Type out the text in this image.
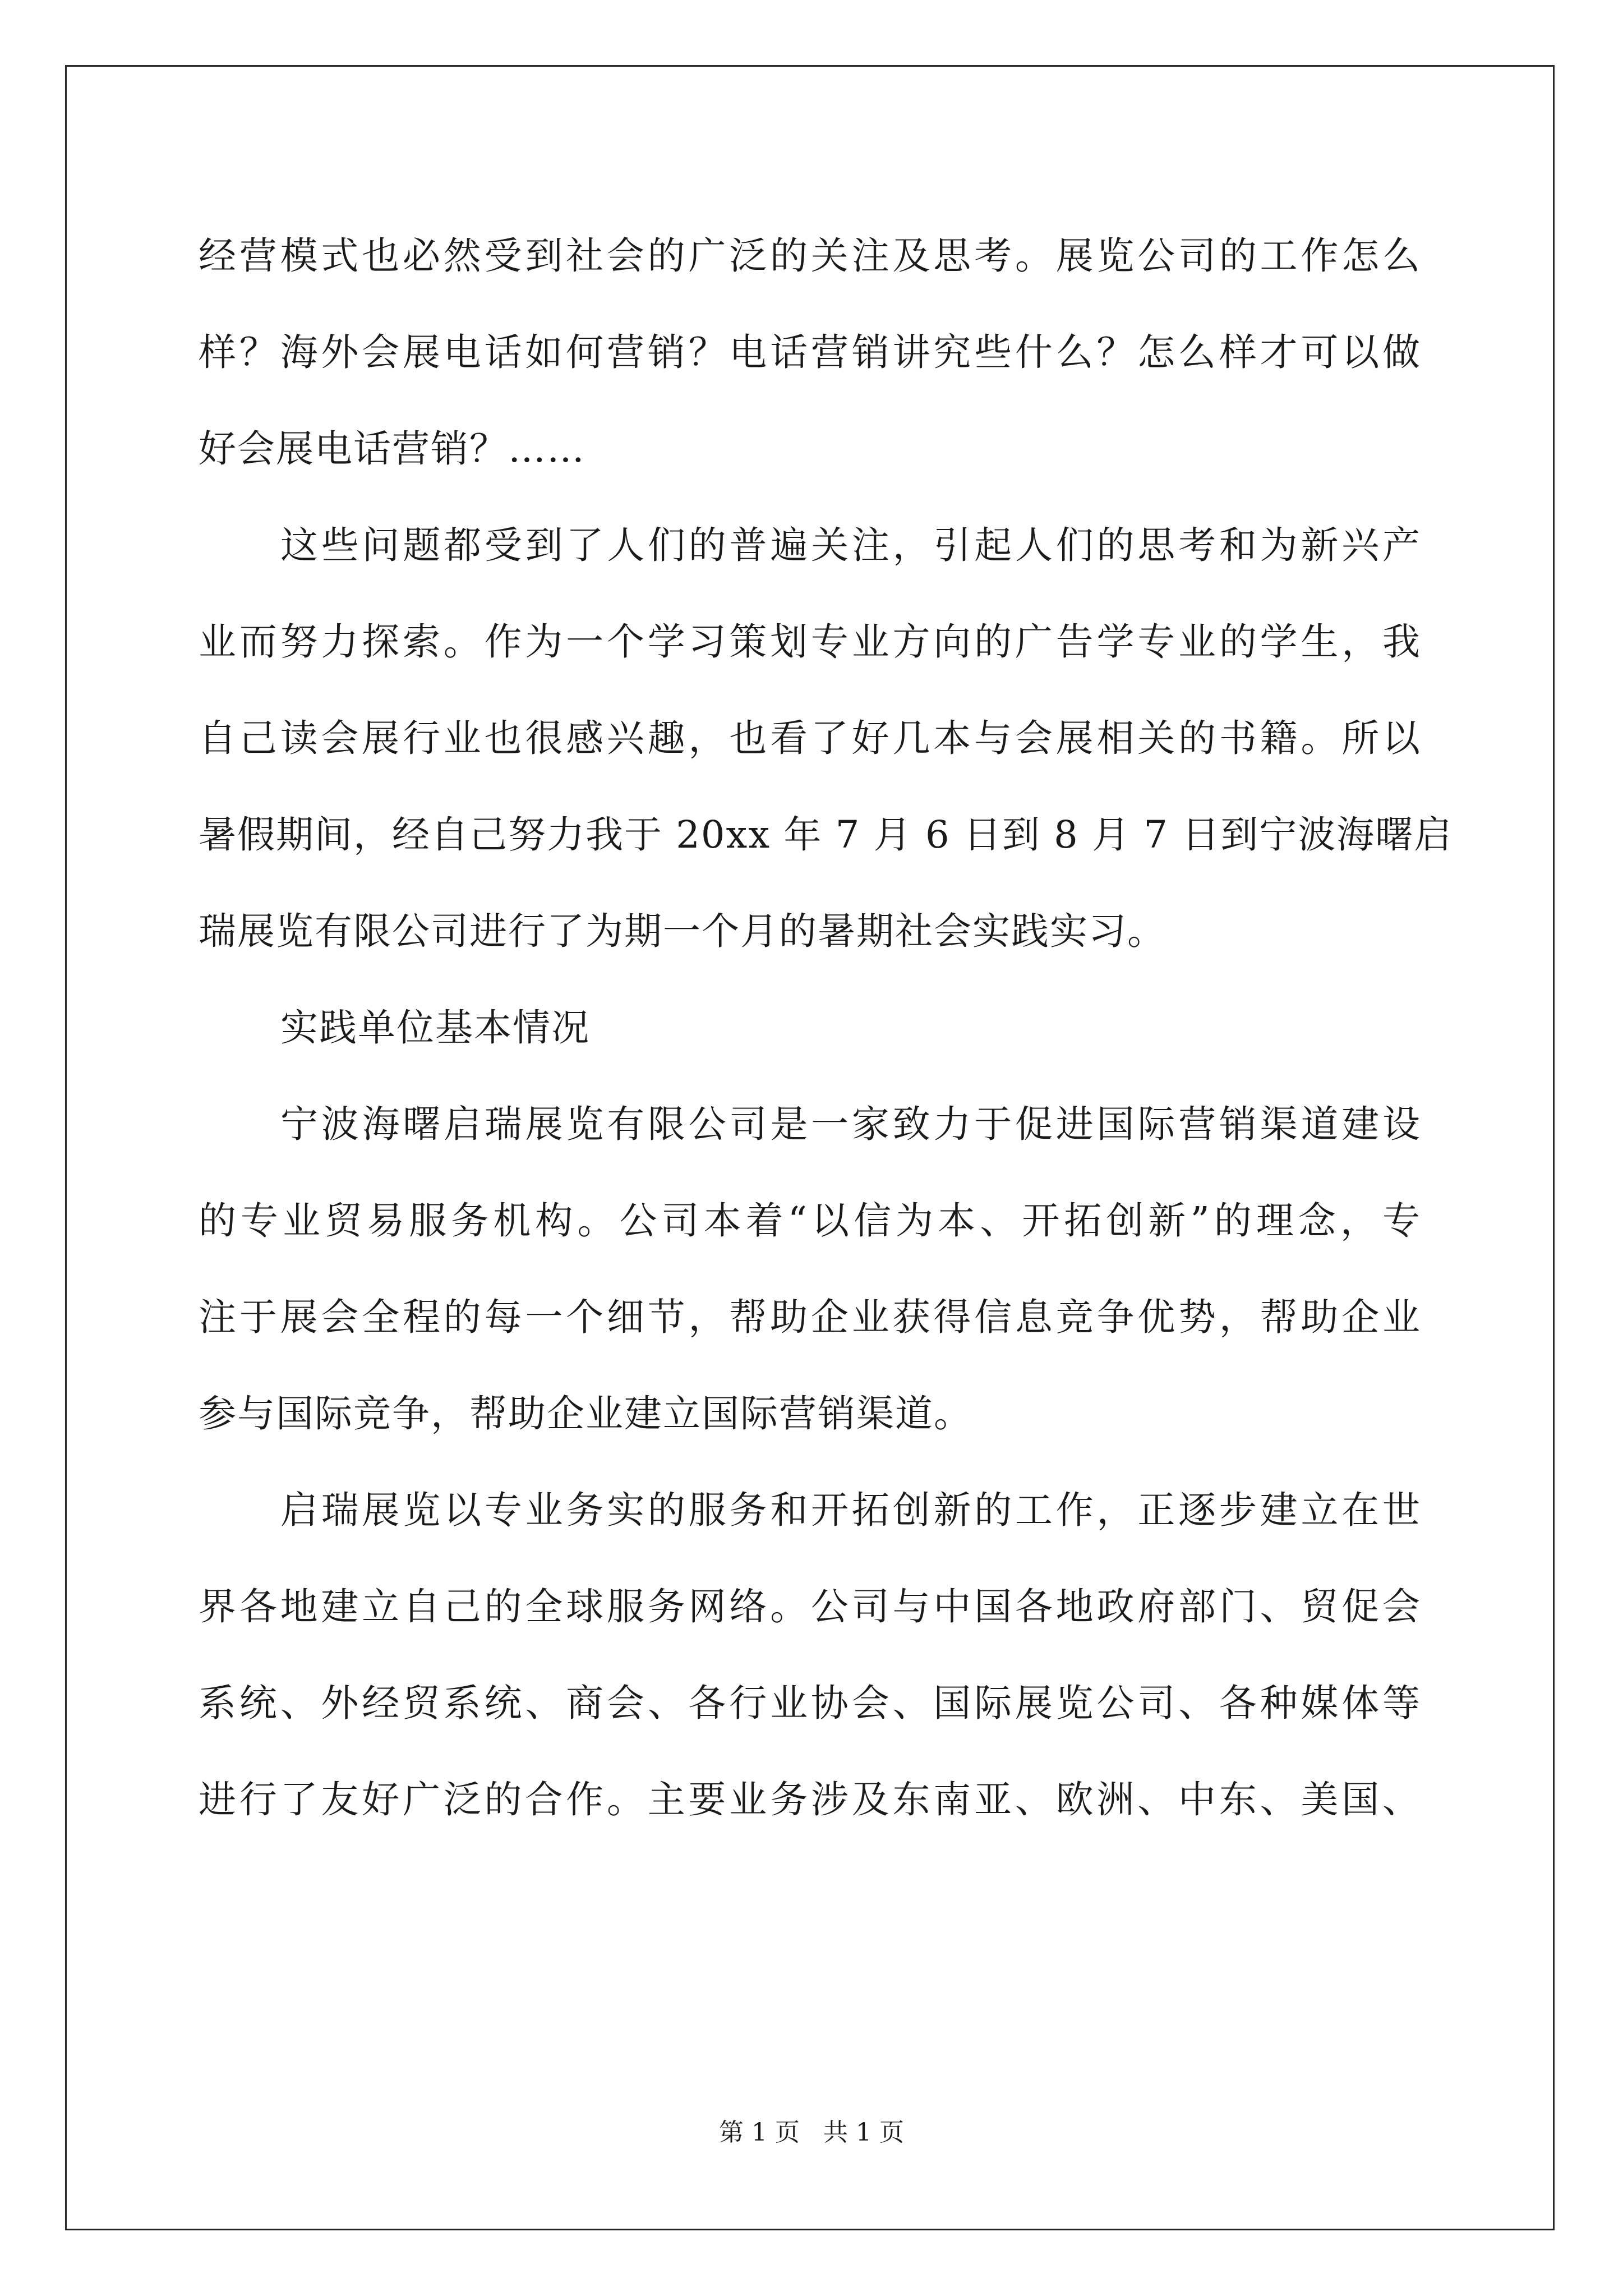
经营模式也必然受到社会的广泛的关注及思考。展览公司的工作怎么
样？海外会展电话如何营销？电话营销讲究些什么？怎么样才可以做
好会展电话营销？……

这些问题都受到了人们的普遍关注，引起人们的思考和为新兴产
业而努力探索。作为一个学习策划专业方向的广告学专业的学生，我
自己读会展行业也很感兴趣，也看了好几本与会展相关的书籍。所以
暑假期间，经自己努力我于 20xx 年 7 月 6 日到 8 月 7 日到宁波海曙启
瑞展览有限公司进行了为期一个月的暑期社会实践实习。

实践单位基本情况

宁波海曙启瑞展览有限公司是一家致力于促进国际营销渠道建设
的专业贸易服务机构。公司本着“以信为本、开拓创新”的理念，专
注于展会全程的每一个细节，帮助企业获得信息竞争优势，帮助企业
参与国际竞争，帮助企业建立国际营销渠道。

启瑞展览以专业务实的服务和开拓创新的工作，正逐步建立在世
界各地建立自己的全球服务网络。公司与中国各地政府部门、贸促会
系统、外经贸系统、商会、各行业协会、国际展览公司、各种媒体等
进行了友好广泛的合作。主要业务涉及东南亚、欧洲、中东、美国、

第 1 页 共 1 页
